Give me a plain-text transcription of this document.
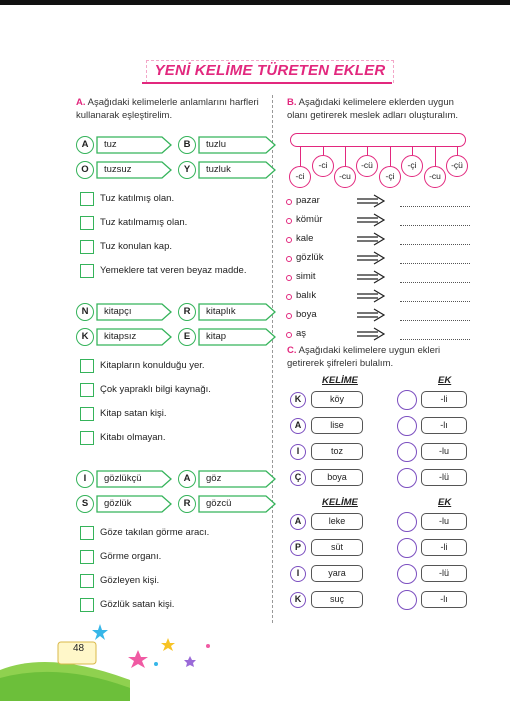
YENİ KELİME TÜRETEN EKLER
A. Aşağıdaki kelimelerle anlamlarını harfleri kullanarak eşleştirelim.
A	tuz	B	tuzlu
O	tuzsuz	Y	tuzluk
Tuz katılmış olan.
Tuz katılmamış olan.
Tuz konulan kap.
Yemeklere tat veren beyaz madde.
N	kitapçı	R	kitaplık
K	kitapsız	E	kitap
Kitapların konulduğu yer.
Çok yapraklı bilgi kaynağı.
Kitap satan kişi.
Kitabı olmayan.
I	gözlükçü	A	göz
S	gözlük	R	gözcü
Göze takılan görme aracı.
Görme organı.
Gözleyen kişi.
Gözlük satan kişi.
B. Aşağıdaki kelimelere eklerden uygun
olanı getirerek meslek adları oluşturalım.
-ci
-ci
-cu
-cü
-çi
-çi
-cu
-çü
pazar
kömür
kale
gözlük
simit
balık
boya
aş
C. Aşağıdaki kelimelere uygun ekleri
getirerek şifreleri bulalım.
KELİME	EK
K	köy	-li
A	lise	-lı
I	toz	-lu
Ç	boya	-lü
KELİME	EK
A	leke	-lu
P	süt	-li
I	yara	-lü
K	suç	-lı
48
